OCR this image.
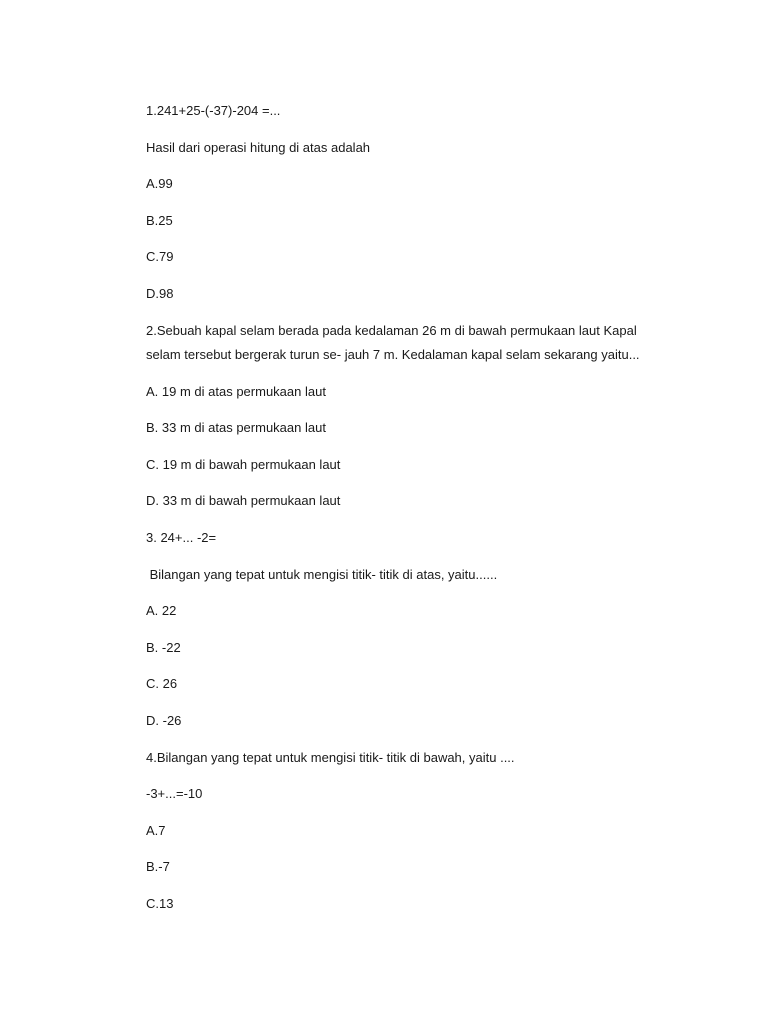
1.241+25-(-37)-204 =...
Hasil dari operasi hitung di atas adalah
A.99
B.25
C.79
D.98
2.Sebuah kapal selam berada pada kedalaman 26 m di bawah permukaan laut Kapal selam tersebut bergerak turun se- jauh 7 m. Kedalaman kapal selam sekarang yaitu...
A. 19 m di atas permukaan laut
B. 33 m di atas permukaan laut
C. 19 m di bawah permukaan laut
D. 33 m di bawah permukaan laut
3. 24+... -2=
Bilangan yang tepat untuk mengisi titik- titik di atas, yaitu......
A. 22
B. -22
C. 26
D. -26
4.Bilangan yang tepat untuk mengisi titik- titik di bawah, yaitu ....
-3+...=-10
A.7
B.-7
C.13
